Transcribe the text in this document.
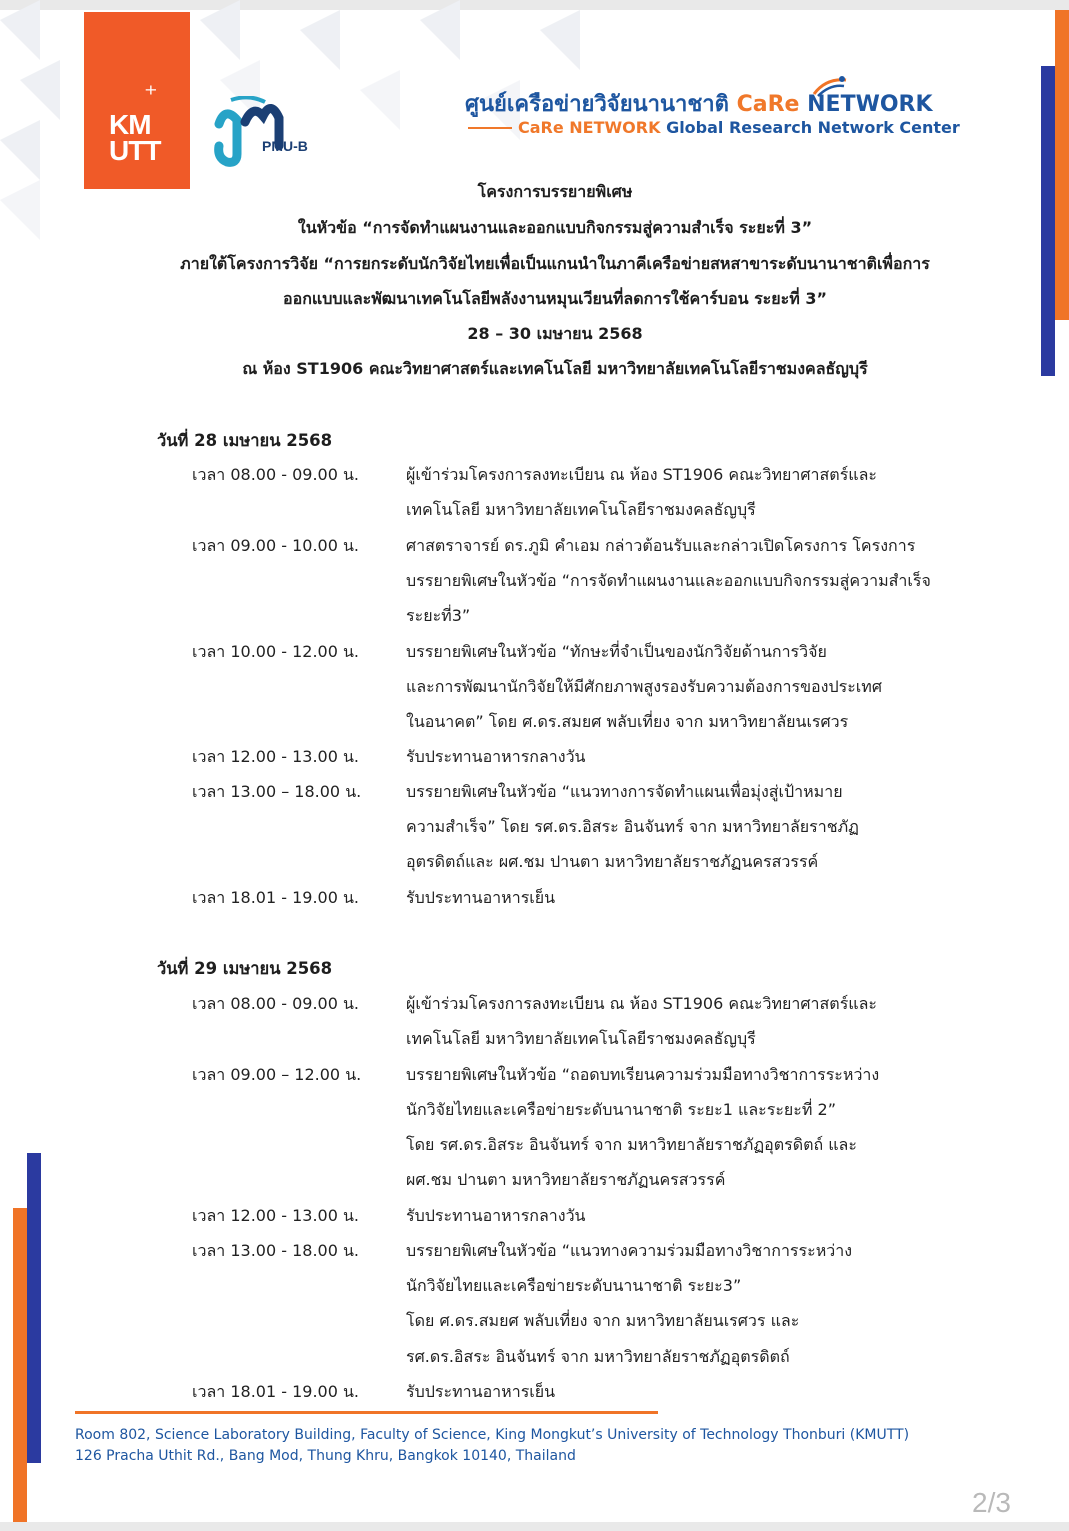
⁺
KM
UTT	PMU-B
ศูนย์เครือข่ายวิจัยนานาชาติ CaRe NETWORK
CaRe NETWORK Global Research Network Center
โครงการบรรยายพิเศษ
ในหัวข้อ “การจัดทำแผนงานและออกแบบกิจกรรมสู่ความสำเร็จ ระยะที่ 3”
ภายใต้โครงการวิจัย “การยกระดับนักวิจัยไทยเพื่อเป็นแกนนำในภาคีเครือข่ายสหสาขาระดับนานาชาติเพื่อการ
ออกแบบและพัฒนาเทคโนโลยีพลังงานหมุนเวียนที่ลดการใช้คาร์บอน ระยะที่ 3”
28 – 30 เมษายน 2568
ณ ห้อง ST1906 คณะวิทยาศาสตร์และเทคโนโลยี มหาวิทยาลัยเทคโนโลยีราชมงคลธัญบุรี
วันที่ 28 เมษายน 2568
เวลา 08.00 - 09.00 น.	ผู้เข้าร่วมโครงการลงทะเบียน ณ ห้อง ST1906 คณะวิทยาศาสตร์และ
เทคโนโลยี มหาวิทยาลัยเทคโนโลยีราชมงคลธัญบุรี
เวลา 09.00 - 10.00 น.	ศาสตราจารย์ ดร.ภูมิ คำเอม กล่าวต้อนรับและกล่าวเปิดโครงการ โครงการ
บรรยายพิเศษในหัวข้อ “การจัดทำแผนงานและออกแบบกิจกรรมสู่ความสำเร็จ
ระยะที่3”
เวลา 10.00 - 12.00 น.	บรรยายพิเศษในหัวข้อ “ทักษะที่จำเป็นของนักวิจัยด้านการวิจัย
และการพัฒนานักวิจัยให้มีศักยภาพสูงรองรับความต้องการของประเทศ
ในอนาคต” โดย ศ.ดร.สมยศ พลับเที่ยง จาก มหาวิทยาลัยนเรศวร
เวลา 12.00 - 13.00 น.	รับประทานอาหารกลางวัน
เวลา 13.00 – 18.00 น.	บรรยายพิเศษในหัวข้อ “แนวทางการจัดทำแผนเพื่อมุ่งสู่เป้าหมาย
ความสำเร็จ” โดย รศ.ดร.อิสระ อินจันทร์ จาก มหาวิทยาลัยราชภัฏ
อุตรดิตถ์และ ผศ.ชม ปานตา มหาวิทยาลัยราชภัฏนครสวรรค์
เวลา 18.01 - 19.00 น.	รับประทานอาหารเย็น
วันที่ 29 เมษายน 2568
เวลา 08.00 - 09.00 น.	ผู้เข้าร่วมโครงการลงทะเบียน ณ ห้อง ST1906 คณะวิทยาศาสตร์และ
เทคโนโลยี มหาวิทยาลัยเทคโนโลยีราชมงคลธัญบุรี
เวลา 09.00 – 12.00 น.	บรรยายพิเศษในหัวข้อ “ถอดบทเรียนความร่วมมือทางวิชาการระหว่าง
นักวิจัยไทยและเครือข่ายระดับนานาชาติ ระยะ1 และระยะที่ 2”
โดย รศ.ดร.อิสระ อินจันทร์ จาก มหาวิทยาลัยราชภัฏอุตรดิตถ์ และ
ผศ.ชม ปานตา มหาวิทยาลัยราชภัฏนครสวรรค์
เวลา 12.00 - 13.00 น.	รับประทานอาหารกลางวัน
เวลา 13.00 - 18.00 น.	บรรยายพิเศษในหัวข้อ “แนวทางความร่วมมือทางวิชาการระหว่าง
นักวิจัยไทยและเครือข่ายระดับนานาชาติ ระยะ3”
โดย ศ.ดร.สมยศ พลับเที่ยง จาก มหาวิทยาลัยนเรศวร และ
รศ.ดร.อิสระ อินจันทร์ จาก มหาวิทยาลัยราชภัฏอุตรดิตถ์
เวลา 18.01 - 19.00 น.	รับประทานอาหารเย็น
Room 802, Science Laboratory Building, Faculty of Science, King Mongkut’s University of Technology Thonburi (KMUTT)
126 Pracha Uthit Rd., Bang Mod, Thung Khru, Bangkok 10140, Thailand
2/3
